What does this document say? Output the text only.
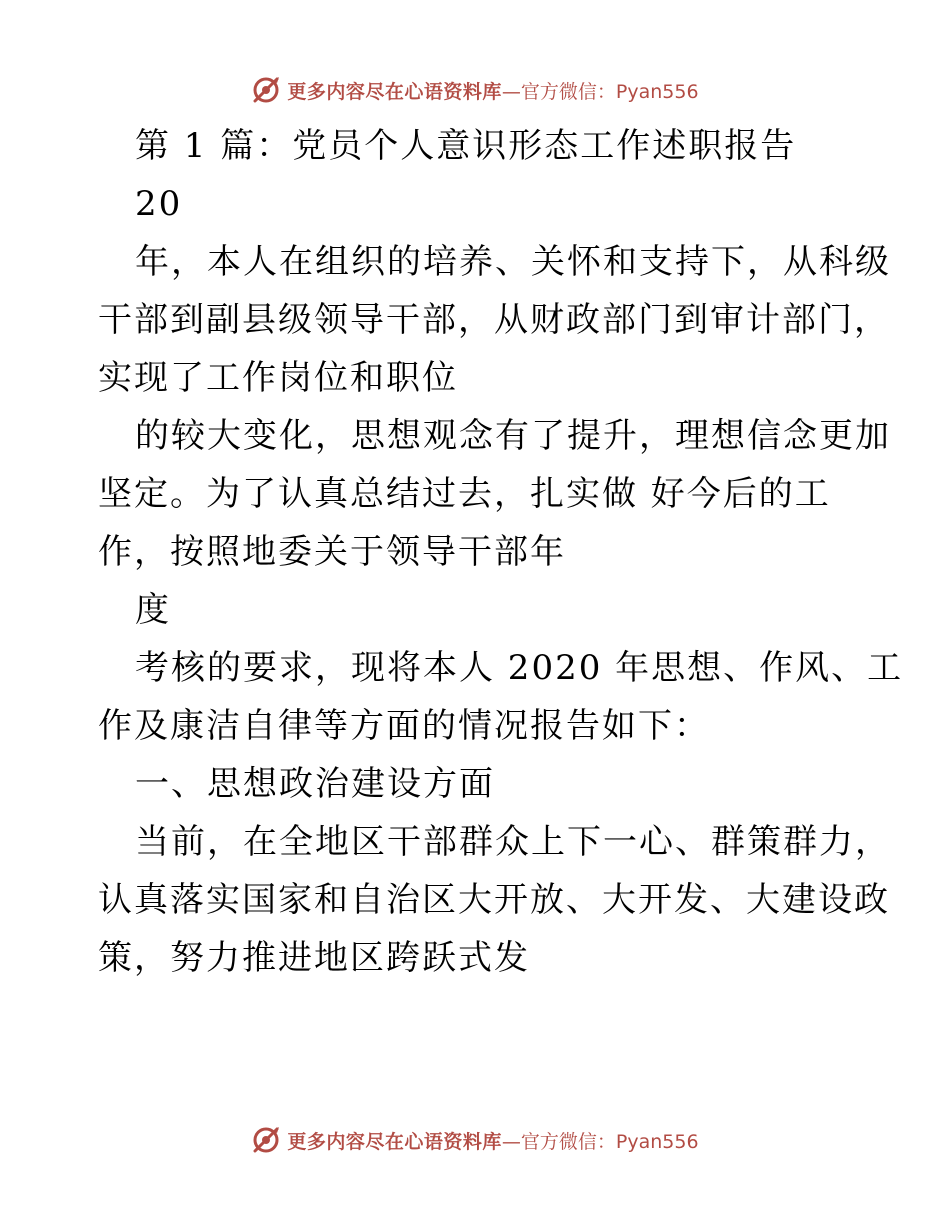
更多内容尽在心语资料库 —官方微信：Pyan556
第 1 篇：党员个人意识形态工作述职报告
20
年，本人在组织的培养、关怀和支持下，从科级
干部到副县级领导干部，从财政部门到审计部门，
实现了工作岗位和职位
的较大变化，思想观念有了提升，理想信念更加
坚定。为了认真总结过去，扎实做 好今后的工
作，按照地委关于领导干部年
度
考核的要求，现将本人 2020 年思想、作风、工
作及康洁自律等方面的情况报告如下：
一、思想政治建设方面
当前，在全地区干部群众上下一心、群策群力，
认真落实国家和自治区大开放、大开发、大建设政
策，努力推进地区跨跃式发
更多内容尽在心语资料库 —官方微信：Pyan556
